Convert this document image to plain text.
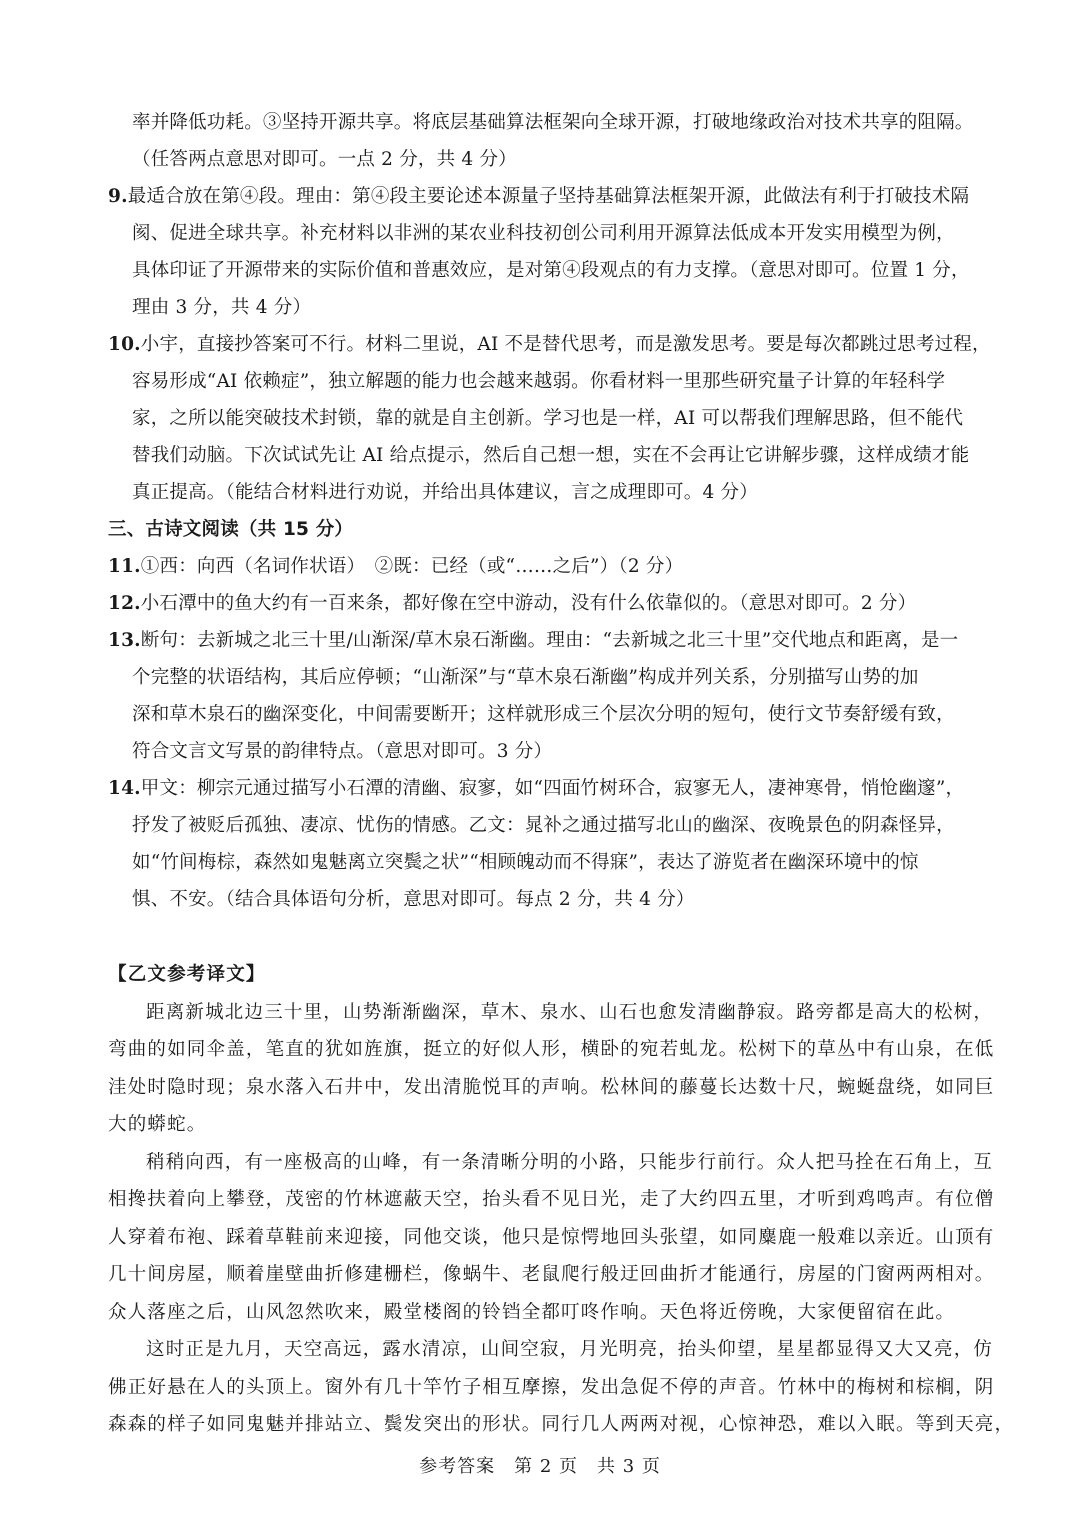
率并降低功耗。③坚持开源共享。将底层基础算法框架向全球开源，打破地缘政治对技术共享的阻隔。

（任答两点意思对即可。一点 2 分，共 4 分）

9.最适合放在第④段。理由：第④段主要论述本源量子坚持基础算法框架开源，此做法有利于打破技术隔

阂、促进全球共享。补充材料以非洲的某农业科技初创公司利用开源算法低成本开发实用模型为例，

具体印证了开源带来的实际价值和普惠效应，是对第④段观点的有力支撑。（意思对即可。位置 1 分，

理由 3 分，共 4 分）

10.小宇，直接抄答案可不行。材料二里说，AI 不是替代思考，而是激发思考。要是每次都跳过思考过程，

容易形成“AI 依赖症”，独立解题的能力也会越来越弱。你看材料一里那些研究量子计算的年轻科学

家，之所以能突破技术封锁，靠的就是自主创新。学习也是一样，AI 可以帮我们理解思路，但不能代

替我们动脑。下次试试先让 AI 给点提示，然后自己想一想，实在不会再让它讲解步骤，这样成绩才能

真正提高。（能结合材料进行劝说，并给出具体建议，言之成理即可。4 分）

三、古诗文阅读（共 15 分）

11.①西：向西（名词作状语）　②既：已经（或“……之后”）（2 分）

12.小石潭中的鱼大约有一百来条，都好像在空中游动，没有什么依靠似的。（意思对即可。2 分）

13.断句：去新城之北三十里/山渐深/草木泉石渐幽。理由：“去新城之北三十里”交代地点和距离，是一

个完整的状语结构，其后应停顿；“山渐深”与“草木泉石渐幽”构成并列关系，分别描写山势的加

深和草木泉石的幽深变化，中间需要断开；这样就形成三个层次分明的短句，使行文节奏舒缓有致，

符合文言文写景的韵律特点。（意思对即可。3 分）

14.甲文：柳宗元通过描写小石潭的清幽、寂寥，如“四面竹树环合，寂寥无人，凄神寒骨，悄怆幽邃”，

抒发了被贬后孤独、凄凉、忧伤的情感。乙文：晁补之通过描写北山的幽深、夜晚景色的阴森怪异，

如“竹间梅棕，森然如鬼魅离立突鬓之状”“相顾魄动而不得寐”，表达了游览者在幽深环境中的惊

惧、不安。（结合具体语句分析，意思对即可。每点 2 分，共 4 分）

【乙文参考译文】

距离新城北边三十里，山势渐渐幽深，草木、泉水、山石也愈发清幽静寂。路旁都是高大的松树，

弯曲的如同伞盖，笔直的犹如旌旗，挺立的好似人形，横卧的宛若虬龙。松树下的草丛中有山泉，在低

洼处时隐时现；泉水落入石井中，发出清脆悦耳的声响。松林间的藤蔓长达数十尺，蜿蜒盘绕，如同巨

大的蟒蛇。

稍稍向西，有一座极高的山峰，有一条清晰分明的小路，只能步行前行。众人把马拴在石角上，互

相搀扶着向上攀登，茂密的竹林遮蔽天空，抬头看不见日光，走了大约四五里，才听到鸡鸣声。有位僧

人穿着布袍、踩着草鞋前来迎接，同他交谈，他只是惊愕地回头张望，如同麋鹿一般难以亲近。山顶有

几十间房屋，顺着崖壁曲折修建栅栏，像蜗牛、老鼠爬行般迂回曲折才能通行，房屋的门窗两两相对。

众人落座之后，山风忽然吹来，殿堂楼阁的铃铛全都叮咚作响。天色将近傍晚，大家便留宿在此。

这时正是九月，天空高远，露水清凉，山间空寂，月光明亮，抬头仰望，星星都显得又大又亮，仿

佛正好悬在人的头顶上。窗外有几十竿竹子相互摩擦，发出急促不停的声音。竹林中的梅树和棕榈，阴

森森的样子如同鬼魅并排站立、鬓发突出的形状。同行几人两两对视，心惊神恐，难以入眠。等到天亮，

参考答案　第 2 页　共 3 页
